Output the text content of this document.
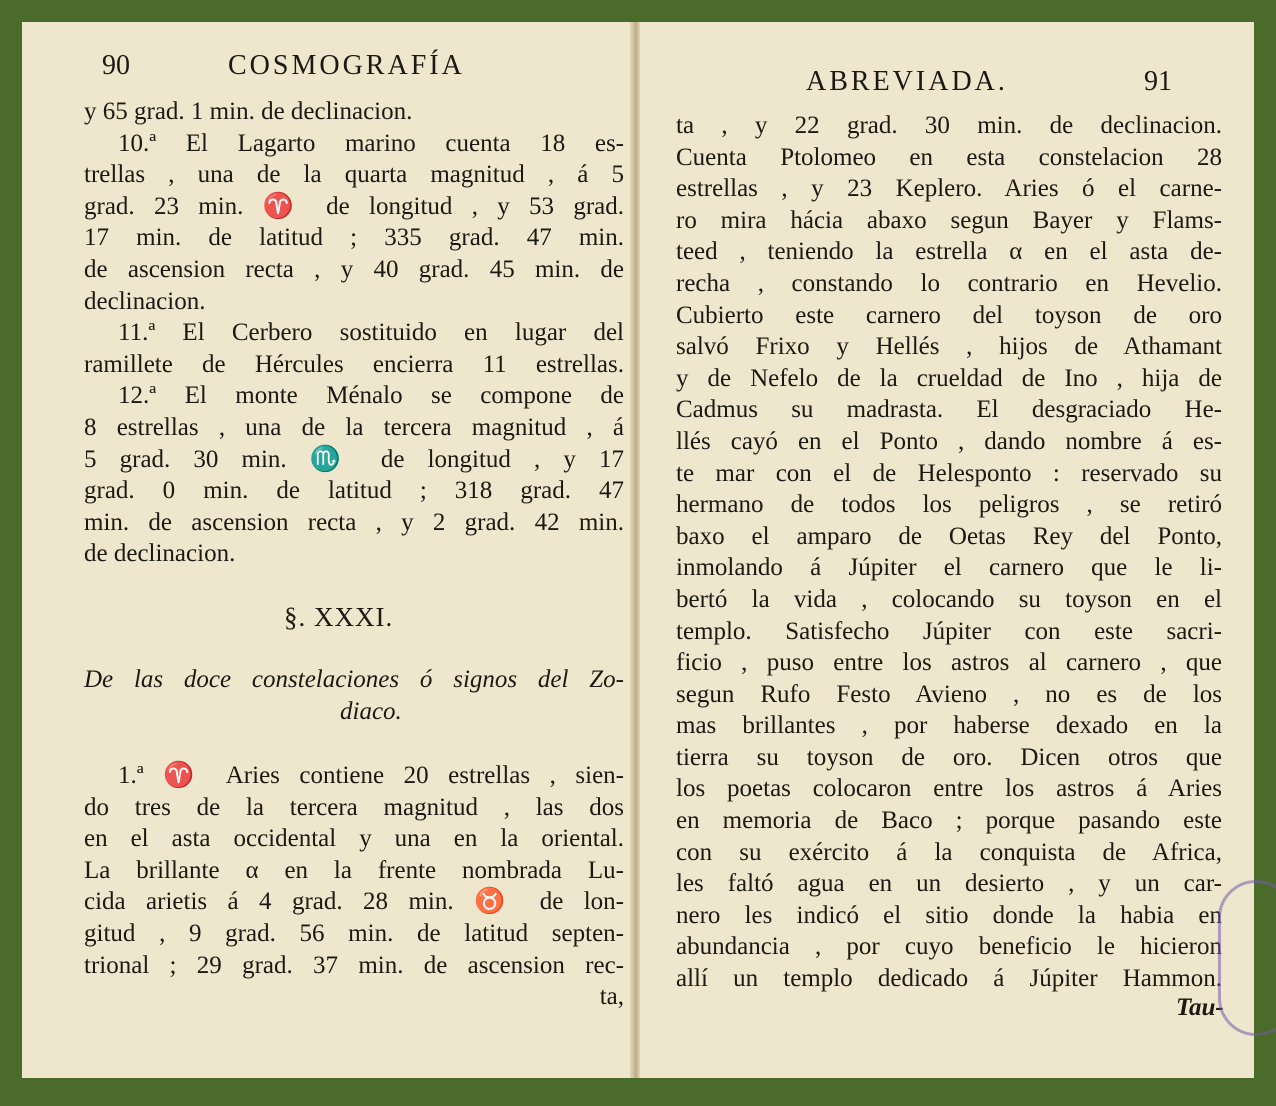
90	COSMOGRAFÍA
y 65 grad. 1 min. de declinacion.
10.ª El Lagarto marino cuenta 18 es-
trellas , una de la quarta magnitud , á 5
grad. 23 min. ♈ de longitud , y 53 grad.
17 min. de latitud ; 335 grad. 47 min.
de ascension recta , y 40 grad. 45 min. de
declinacion.
11.ª El Cerbero sostituido en lugar del
ramillete de Hércules encierra 11 estrellas.
12.ª El monte Ménalo se compone de
8 estrellas , una de la tercera magnitud , á
5 grad. 30 min. ♏ de longitud , y 17
grad. 0 min. de latitud ; 318 grad. 47
min. de ascension recta , y 2 grad. 42 min.
de declinacion.
§. XXXI.
De las doce constelaciones ó signos del Zo-
diaco.
1.ª ♈ Aries contiene 20 estrellas , sien-
do tres de la tercera magnitud , las dos
en el asta occidental y una en la oriental.
La brillante α en la frente nombrada Lu-
cida arietis á 4 grad. 28 min. ♉ de lon-
gitud , 9 grad. 56 min. de latitud septen-
trional ; 29 grad. 37 min. de ascension rec-
ta,
ABREVIADA.	91
ta , y 22 grad. 30 min. de declinacion.
Cuenta Ptolomeo en esta constelacion 28
estrellas , y 23 Keplero. Aries ó el carne-
ro mira hácia abaxo segun Bayer y Flams-
teed , teniendo la estrella α en el asta de-
recha , constando lo contrario en Hevelio.
Cubierto este carnero del toyson de oro
salvó Frixo y Hellés , hijos de Athamant
y de Nefelo de la crueldad de Ino , hija de
Cadmus su madrasta. El desgraciado He-
llés cayó en el Ponto , dando nombre á es-
te mar con el de Helesponto : reservado su
hermano de todos los peligros , se retiró
baxo el amparo de Oetas Rey del Ponto,
inmolando á Júpiter el carnero que le li-
bertó la vida , colocando su toyson en el
templo. Satisfecho Júpiter con este sacri-
ficio , puso entre los astros al carnero , que
segun Rufo Festo Avieno , no es de los
mas brillantes , por haberse dexado en la
tierra su toyson de oro. Dicen otros que
los poetas colocaron entre los astros á Aries
en memoria de Baco ; porque pasando este
con su exército á la conquista de Africa,
les faltó agua en un desierto , y un car-
nero les indicó el sitio donde la habia en
abundancia , por cuyo beneficio le hicieron
allí un templo dedicado á Júpiter Hammon.
Tau-
